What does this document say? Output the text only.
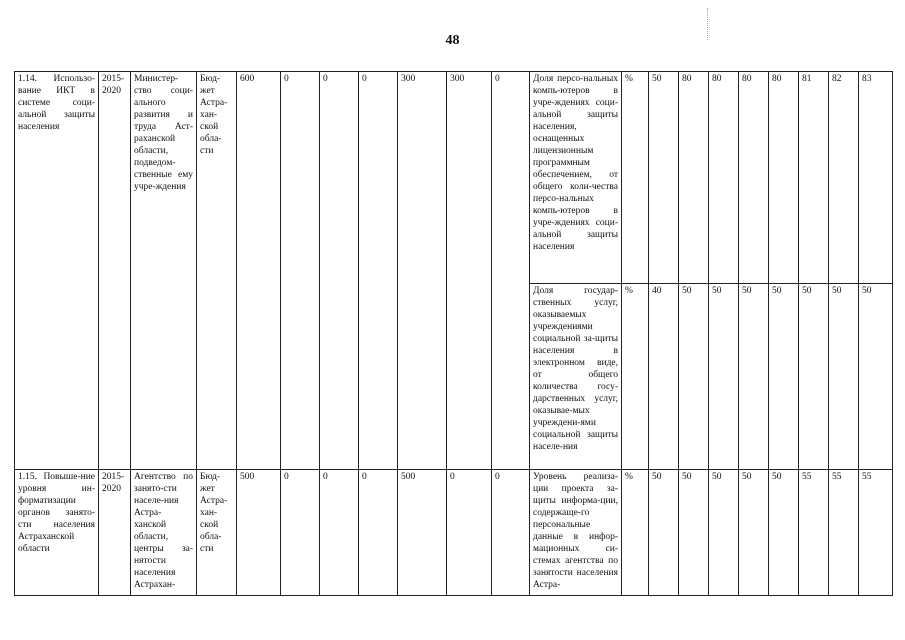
48
1.14. Использо-вание ИКТ в системе соци-альной защиты населения	2015-2020	Министер-ство соци-ального развития и труда Аст-раханской области, подведом-ственные ему учре-ждения	Бюд-жет Астра-хан-ской обла-сти	600	0	0	0	300	300	0	Доля персо-нальных компь-ютеров в учре-ждениях соци-альной защиты населения, оснащенных лицензионным программным обеспечением, от общего коли-чества персо-нальных компь-ютеров в учре-ждениях соци-альной защиты населения	%	50	80	80	80	80	81	82	83
											Доля государ-ственных услуг, оказываемых учреждениями социальной за-щиты населения в электронном виде, от общего количества госу-дарственных услуг, оказывае-мых учреждени-ями социальной защиты населе-ния	%	40	50	50	50	50	50	50	50
1.15. Повыше-ние уровня ин-форматизации органов занято-сти населения Астраханской области	2015-2020	Агентство по занято-сти населе-ния Астра-ханской области, центры за-нятости населения Астрахан-	Бюд-жет Астра-хан-ской обла-сти	500	0	0	0	500	0	0	Уровень реализа-ции проекта за-щиты информа-ции, содержаще-го персональные данные в инфор-мационных си-стемах агентства по занятости населения Астра-	%	50	50	50	50	50	55	55	55
